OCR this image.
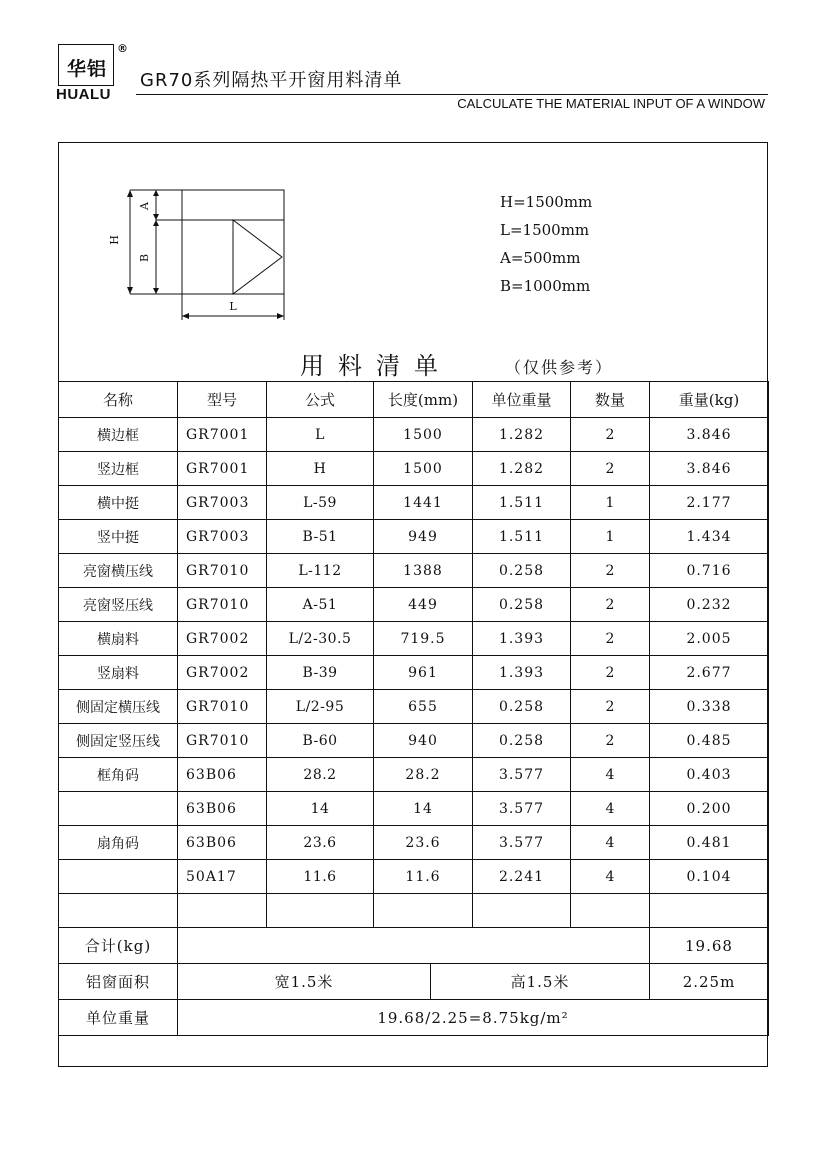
华铝
®
HUALU
GR70系列隔热平开窗用料清单
CALCULATE THE MATERIAL INPUT OF A WINDOW
H
A
B
L
H=1500mm
L=1500mm
A=500mm
B=1000mm
用料清单	（仅供参考）
名称	型号	公式	长度(mm)	单位重量	数量	重量(kg)
横边框	GR7001	L	1500	1.282	2	3.846
竖边框	GR7001	H	1500	1.282	2	3.846
横中挺	GR7003	L-59	1441	1.511	1	2.177
竖中挺	GR7003	B-51	949	1.511	1	1.434
亮窗横压线	GR7010	L-112	1388	0.258	2	0.716
亮窗竖压线	GR7010	A-51	449	0.258	2	0.232
横扇料	GR7002	L/2-30.5	719.5	1.393	2	2.005
竖扇料	GR7002	B-39	961	1.393	2	2.677
侧固定横压线	GR7010	L/2-95	655	0.258	2	0.338
侧固定竖压线	GR7010	B-60	940	0.258	2	0.485
框角码	63B06	28.2	28.2	3.577	4	0.403
	63B06	14	14	3.577	4	0.200
扇角码	63B06	23.6	23.6	3.577	4	0.481
	50A17	11.6	11.6	2.241	4	0.104

合计(kg)						19.68
铝窗面积	宽1.5米 高1.5米					2.25m
单位重量	19.68/2.25=8.75kg/m²					
